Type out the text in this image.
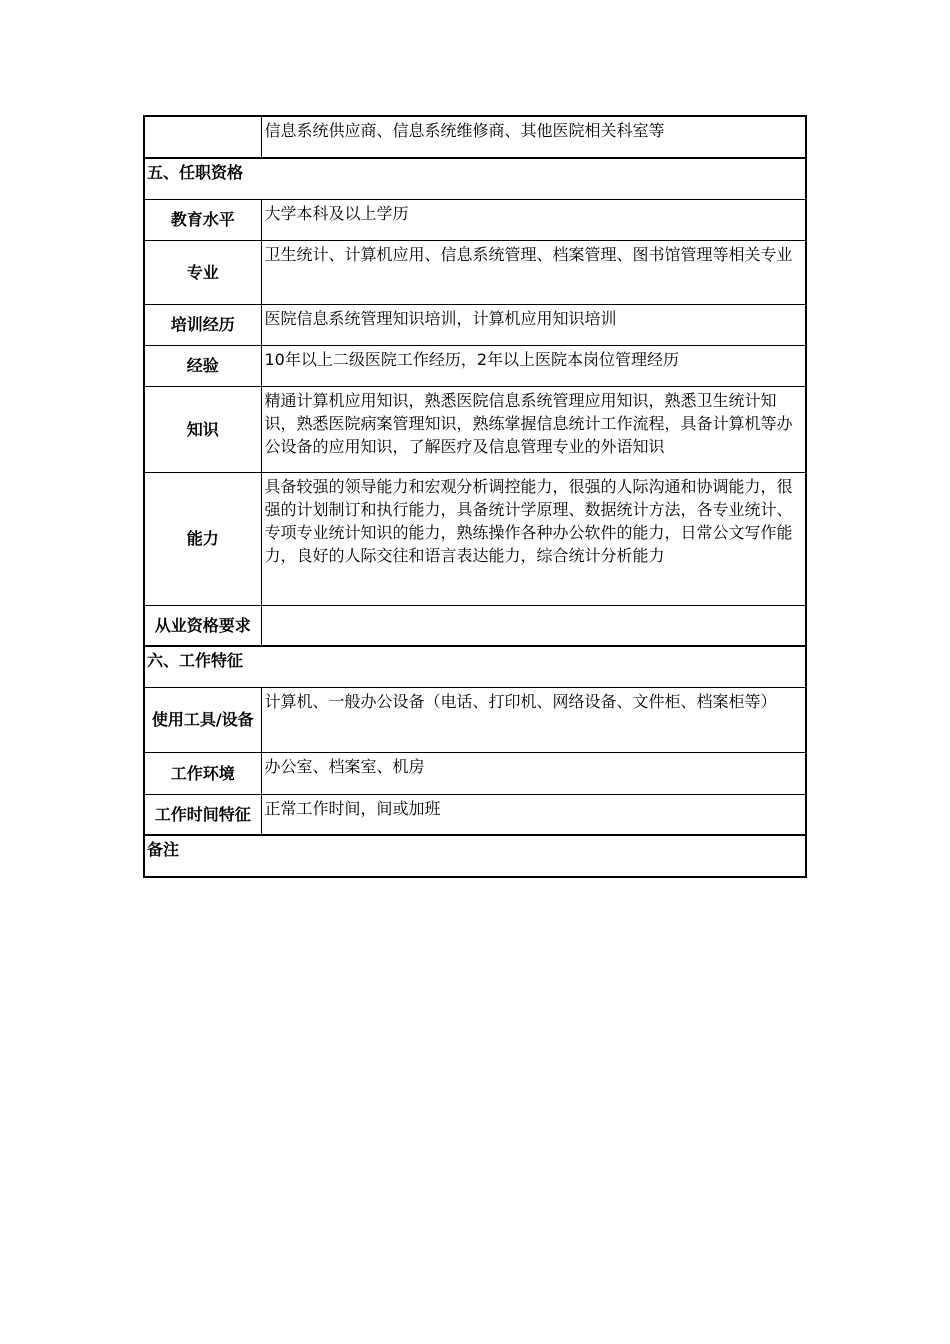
	信息系统供应商、信息系统维修商、其他医院相关科室等
五、任职资格	
教育水平	大学本科及以上学历
专业	卫生统计、计算机应用、信息系统管理、档案管理、图书馆管理等相关专业
培训经历	医院信息系统管理知识培训，计算机应用知识培训
经验	10年以上二级医院工作经历，2年以上医院本岗位管理经历
知识	精通计算机应用知识，熟悉医院信息系统管理应用知识，熟悉卫生统计知识，熟悉医院病案管理知识，熟练掌握信息统计工作流程，具备计算机等办公设备的应用知识，了解医疗及信息管理专业的外语知识
能力	具备较强的领导能力和宏观分析调控能力，很强的人际沟通和协调能力，很强的计划制订和执行能力，具备统计学原理、数据统计方法，各专业统计、专项专业统计知识的能力，熟练操作各种办公软件的能力，日常公文写作能力，良好的人际交往和语言表达能力，综合统计分析能力
从业资格要求	
六、工作特征	
使用工具/设备	计算机、一般办公设备（电话、打印机、网络设备、文件柜、档案柜等）
工作环境	办公室、档案室、机房
工作时间特征	正常工作时间，间或加班
备注	
